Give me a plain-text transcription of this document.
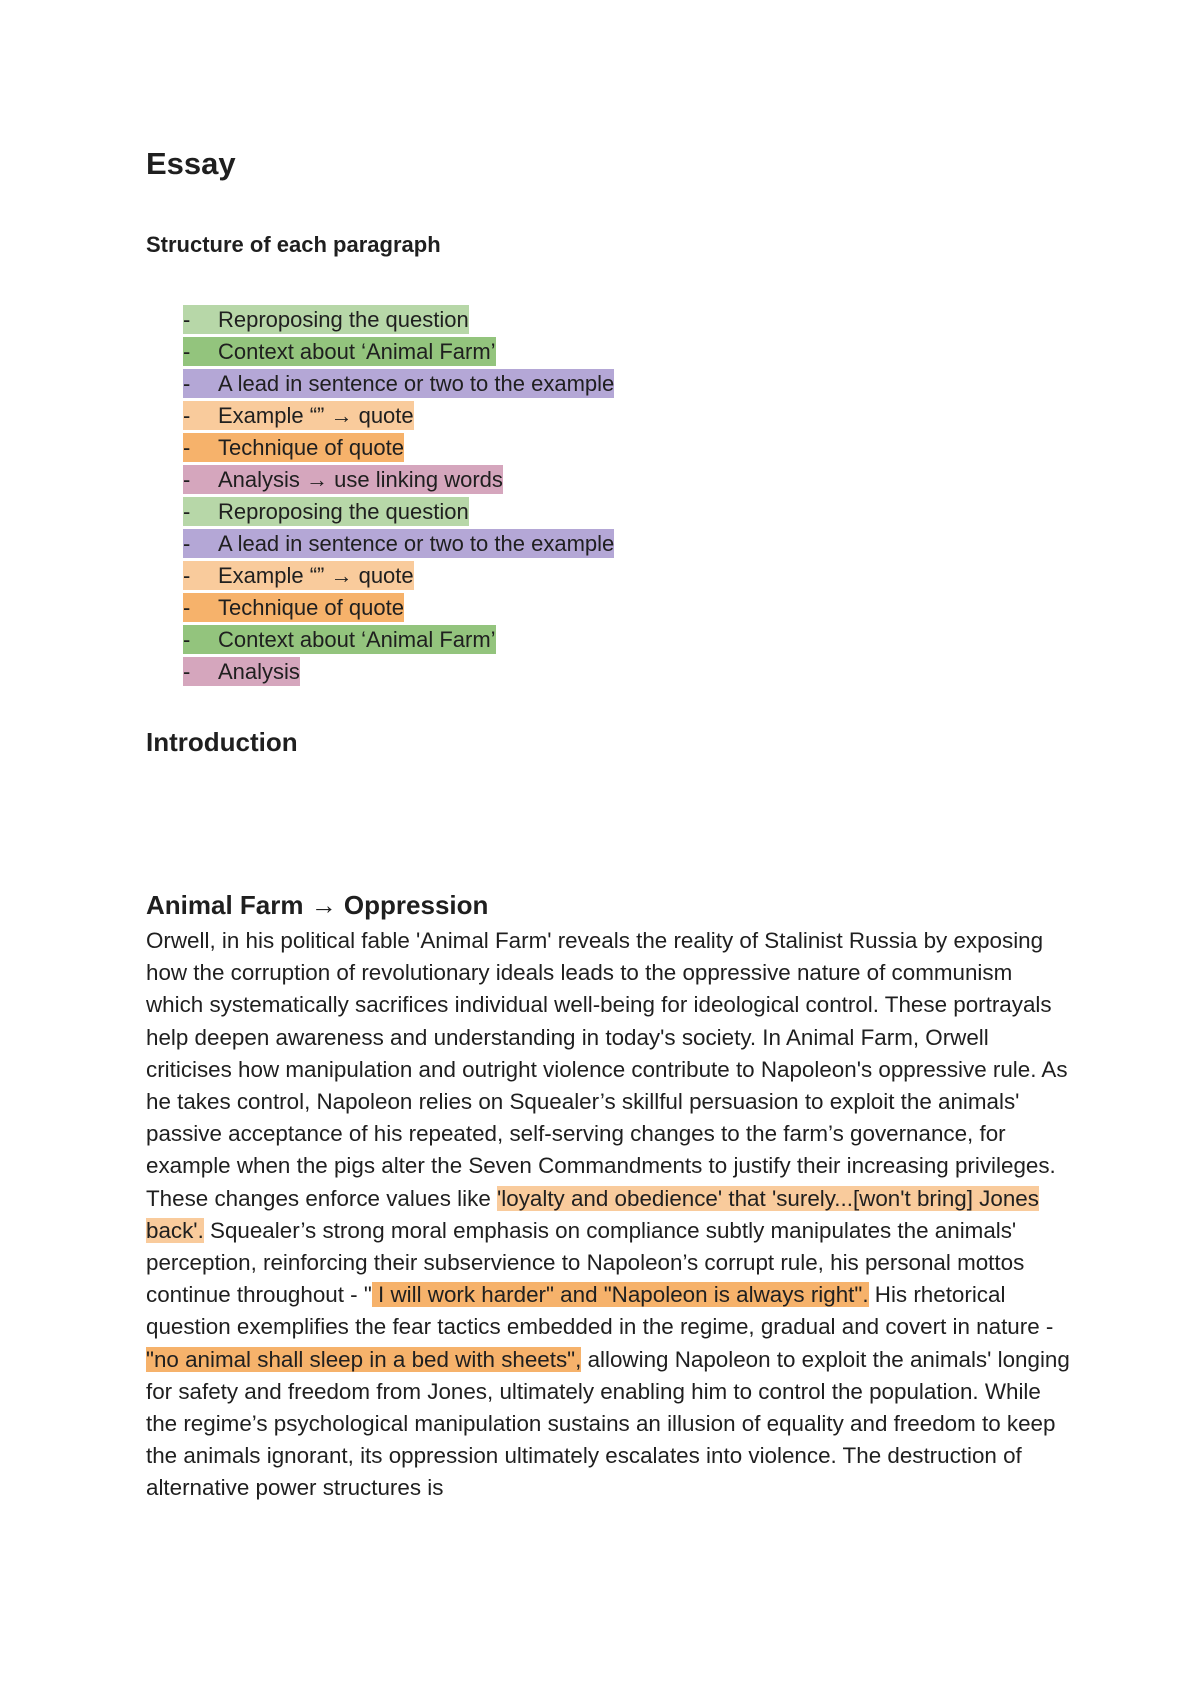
Essay
Structure of each paragraph
- Reproposing the question
- Context about ‘Animal Farm’
- A lead in sentence or two to the example
- Example “” → quote
- Technique of quote
- Analysis → use linking words
- Reproposing the question
- A lead in sentence or two to the example
- Example “” → quote
- Technique of quote
- Context about ‘Animal Farm’
- Analysis
Introduction
Animal Farm → Oppression

Orwell, in his political fable 'Animal Farm' reveals the reality of Stalinist Russia by exposing how the corruption of revolutionary ideals leads to the oppressive nature of communism which systematically sacrifices individual well-being for ideological control. These portrayals help deepen awareness and understanding in today's society. In Animal Farm, Orwell criticises how manipulation and outright violence contribute to Napoleon's oppressive rule. As he takes control, Napoleon relies on Squealer’s skillful persuasion to exploit the animals' passive acceptance of his repeated, self-serving changes to the farm’s governance, for example when the pigs alter the Seven Commandments to justify their increasing privileges. These changes enforce values like 'loyalty and obedience' that 'surely...[won't bring] Jones back'. Squealer’s strong moral emphasis on compliance subtly manipulates the animals' perception, reinforcing their subservience to Napoleon’s corrupt rule, his personal mottos continue throughout - " I will work harder" and "Napoleon is always right". His rhetorical question exemplifies the fear tactics embedded in the regime, gradual and covert in nature - "no animal shall sleep in a bed with sheets", allowing Napoleon to exploit the animals' longing for safety and freedom from Jones, ultimately enabling him to control the population. While the regime’s psychological manipulation sustains an illusion of equality and freedom to keep the animals ignorant, its oppression ultimately escalates into violence. The destruction of alternative power structures is
